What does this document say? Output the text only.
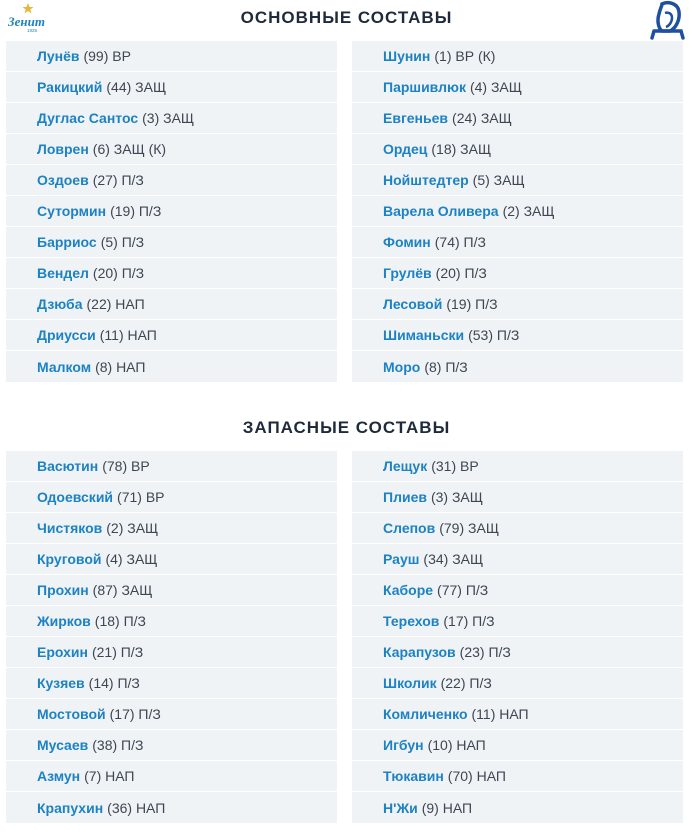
Зенит
1925
ОСНОВНЫЕ СОСТАВЫ
Лунёв (99) ВР
Ракицкий (44) ЗАЩ
Дуглас Сантос (3) ЗАЩ
Ловрен (6) ЗАЩ (К)
Оздоев (27) П/З
Сутормин (19) П/З
Барриос (5) П/З
Вендел (20) П/З
Дзюба (22) НАП
Дриусси (11) НАП
Малком (8) НАП
Шунин (1) ВР (К)
Паршивлюк (4) ЗАЩ
Евгеньев (24) ЗАЩ
Ордец (18) ЗАЩ
Нойштедтер (5) ЗАЩ
Варела Оливера (2) ЗАЩ
Фомин (74) П/З
Грулёв (20) П/З
Лесовой (19) П/З
Шиманьски (53) П/З
Моро (8) П/З
ЗАПАСНЫЕ СОСТАВЫ
Васютин (78) ВР
Одоевский (71) ВР
Чистяков (2) ЗАЩ
Круговой (4) ЗАЩ
Прохин (87) ЗАЩ
Жирков (18) П/З
Ерохин (21) П/З
Кузяев (14) П/З
Мостовой (17) П/З
Мусаев (38) П/З
Азмун (7) НАП
Крапухин (36) НАП
Лещук (31) ВР
Плиев (3) ЗАЩ
Слепов (79) ЗАЩ
Рауш (34) ЗАЩ
Каборе (77) П/З
Терехов (17) П/З
Карапузов (23) П/З
Школик (22) П/З
Комличенко (11) НАП
Игбун (10) НАП
Тюкавин (70) НАП
Н'Жи (9) НАП
